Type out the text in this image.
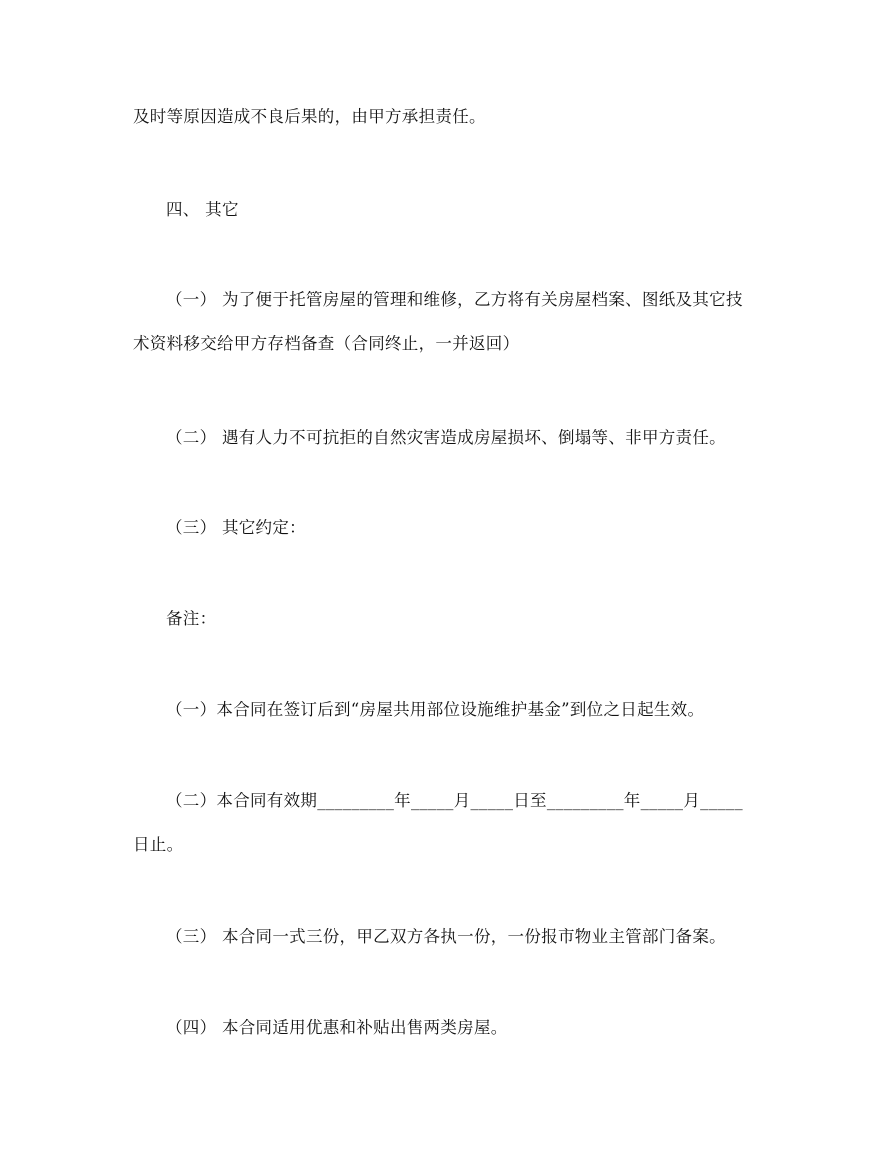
及时等原因造成不良后果的，由甲方承担责任。
四、 其它
（一） 为了便于托管房屋的管理和维修，乙方将有关房屋档案、图纸及其它技
术资料移交给甲方存档备查（合同终止，一并返回）
（二） 遇有人力不可抗拒的自然灾害造成房屋损坏、倒塌等、非甲方责任。
（三） 其它约定：
备注：
（一）本合同在签订后到“房屋共用部位设施维护基金”到位之日起生效。
（二）本合同有效期_________年_____月_____日至_________年_____月_____
日止。
（三） 本合同一式三份，甲乙双方各执一份，一份报市物业主管部门备案。
（四） 本合同适用优惠和补贴出售两类房屋。
